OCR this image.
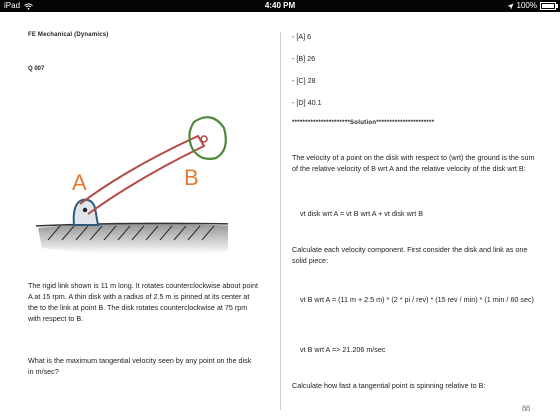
iPad	4:40 PM	100%
FE Mechanical (Dynamics)
Q 007
A	B
The rigid link shown is 11 m long. It rotates counterclockwise about point A at 15 rpm. A thin disk with a radius of 2.5 m is pinned at its center at the to the link at point B. The disk rotates counterclockwise at 75 rpm with respect to B.
What is the maximum tangential velocity seen by any point on the disk in m/sec?
- [A] 6
- [B] 26
- [C] 28
- [D] 40.1
**********************Solution**********************
The velocity of a point on the disk with respect to (wrt) the ground is the sum of the relative velocity of B wrt A and the relative velocity of the disk wrt B:
vt disk wrt A = vt B wrt A + vt disk wrt B
Calculate each velocity component. First consider the disk and link as one solid piece:
vt B wrt A = (11 m + 2.5 m) * (2 * pi / rev) * (15 rev / min) * (1 min / 60 sec)
vt B wrt A => 21.206 m/sec
Calculate how fast a tangential point is spinning relative to B:
88
